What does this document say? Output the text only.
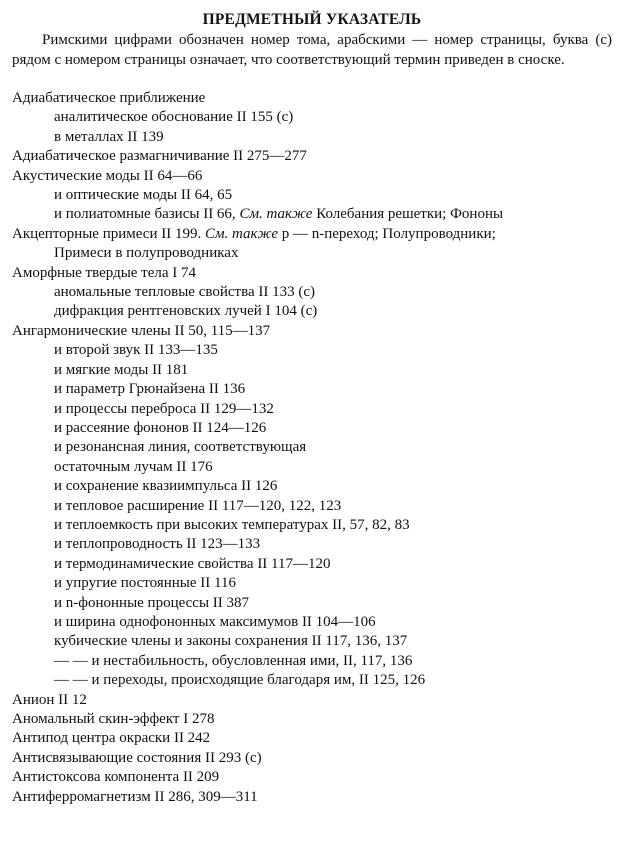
ПРЕДМЕТНЫЙ УКАЗАТЕЛЬ

Римскими цифрами обозначен номер тома, арабскими — номер страницы, буква (с) рядом с номером страницы означает, что соответствующий термин приведен в сноске.

Адиабатическое приближение

аналитическое обоснование II 155 (с)

в металлах II 139

Адиабатическое размагничивание II 275—277

Акустические моды II 64—66

и оптические моды II 64, 65

и полиатомные базисы II 66, См. также Колебания решетки; Фононы

Акцепторные примеси II 199. См. также p — n-переход; Полупроводники;

Примеси в полупроводниках

Аморфные твердые тела I 74

аномальные тепловые свойства II 133 (с)

дифракция рентгеновских лучей I 104 (с)

Ангармонические члены II 50, 115—137

и второй звук II 133—135

и мягкие моды II 181

и параметр Грюнайзена II 136

и процессы переброса II 129—132

и рассеяние фононов II 124—126

и резонансная линия, соответствующая

остаточным лучам II 176

и сохранение квазиимпульса II 126

и тепловое расширение II 117—120, 122, 123

и теплоемкость при высоких температурах II, 57, 82, 83

и теплопроводность II 123—133

и термодинамические свойства II 117—120

и упругие постоянные II 116

и n-фононные процессы II 387

и ширина однофононных максимумов II 104—106

кубические члены и законы сохранения II 117, 136, 137

— — и нестабильность, обусловленная ими, II, 117, 136

— — и переходы, происходящие благодаря им, II 125, 126

Анион II 12

Аномальный скин-эффект I 278

Антипод центра окраски II 242

Антисвязывающие состояния II 293 (с)

Антистоксова компонента II 209

Антиферромагнетизм II 286, 309—311
